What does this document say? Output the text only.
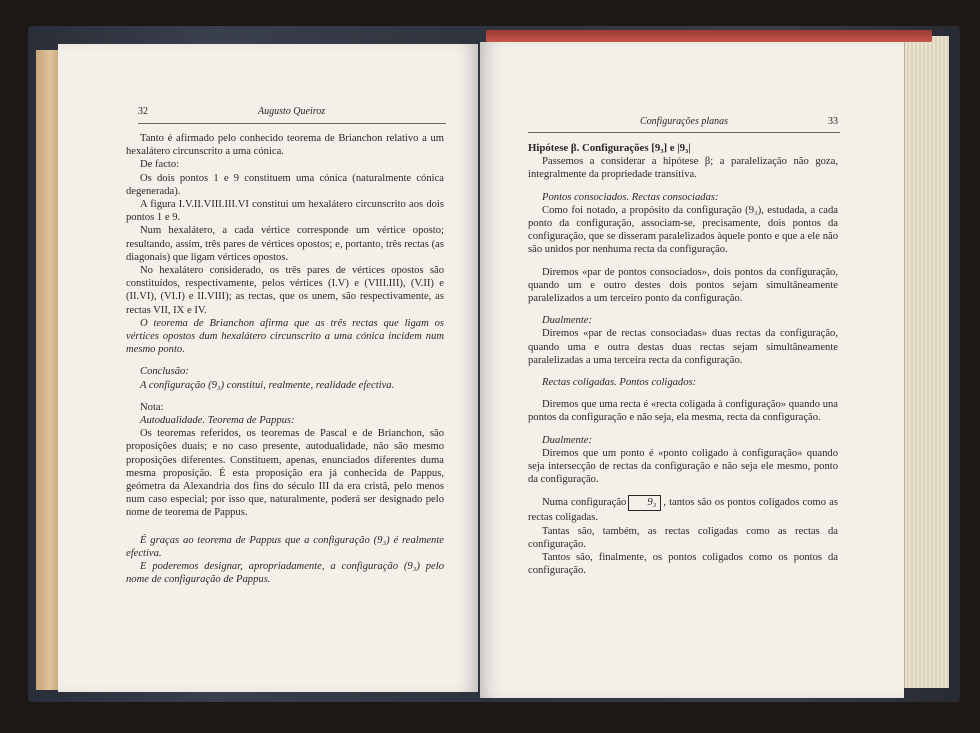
32	Augusto Queiroz

Tanto é afirmado pelo conhecido teorema de Brianchon relativo a um hexalátero circunscrito a uma cónica.

De facto:

Os dois pontos 1 e 9 constituem uma cónica (naturalmente cónica degenerada).

A figura I.V.II.VIII.III.VI constitui um hexalátero circunscrito aos dois pontos 1 e 9.

Num hexalátero, a cada vértice corresponde um vértice oposto; resultando, assim, três pares de vértices opostos; e, portanto, três rectas (as diagonais) que ligam vértices opostos.

No hexalátero considerado, os três pares de vértices opostos são constituídos, respectivamente, pelos vértices (I.V) e (VIII.III), (V.II) e (II.VI), (VI.I) e II.VIII); as rectas, que os unem, são respectivamente, as rectas VII, IX e IV.

O teorema de Brianchon afirma que as três rectas que ligam os vértices opostos dum hexalátero circunscrito a uma cónica incidem num mesmo ponto.

Conclusão:

A configuração (9₃) constitui, realmente, realidade efectiva.

Nota:

Autodualidade. Teorema de Pappus:

Os teoremas referidos, os teoremas de Pascal e de Brianchon, são proposições duais; e no caso presente, autodualidade, não são mesmo proposições diferentes. Constituem, apenas, enunciados diferentes duma mesma proposição. É esta proposição era já conhecida de Pappus, geómetra da Alexandria dos fins do século III da era cristã, pelo menos num caso especial; por isso que, naturalmente, poderá ser designado pelo nome de teorema de Pappus.

É graças ao teorema de Pappus que a configuração (9₃) é realmente efectiva.

E poderemos designar, apropriadamente, a configuração (9₃) pelo nome de configuração de Pappus.

Configurações planas	33

Hipótese β. Configurações [9₃] e |9₃|

Passemos a considerar a hipótese β; a paralelização não goza, integralmente da propriedade transitiva.

Pontos consociados. Rectas consociadas:

Como foi notado, a propósito da configuração (9₃), estudada, a cada ponto da configuração, associam-se, precisamente, dois pontos da configuração, que se disseram paralelizados àquele ponto e que a ele não são unidos por nenhuma recta da configuração.

Diremos «par de pontos consociados», dois pontos da configuração, quando um e outro destes dois pontos sejam simultâneamente paralelizados a um terceiro ponto da configuração.

Dualmente:

Diremos «par de rectas consociadas» duas rectas da configuração, quando uma e outra destas duas rectas sejam simultâneamente paralelizadas a uma terceira recta da configuração.

Rectas coligadas. Pontos coligados:

Diremos que uma recta é «recta coligada à configuração» quando una pontos da configuração e não seja, ela mesma, recta da configuração.

Dualmente:

Diremos que um ponto é «ponto coligado à configuração» quando seja intersecção de rectas da configuração e não seja ele mesmo, ponto da configuração.

Numa configuração 9₃ , tantos são os pontos coligados como as rectas coligadas.

Tantas são, também, as rectas coligadas como as rectas da configuração.

Tantos são, finalmente, os pontos coligados como os pontos da configuração.
